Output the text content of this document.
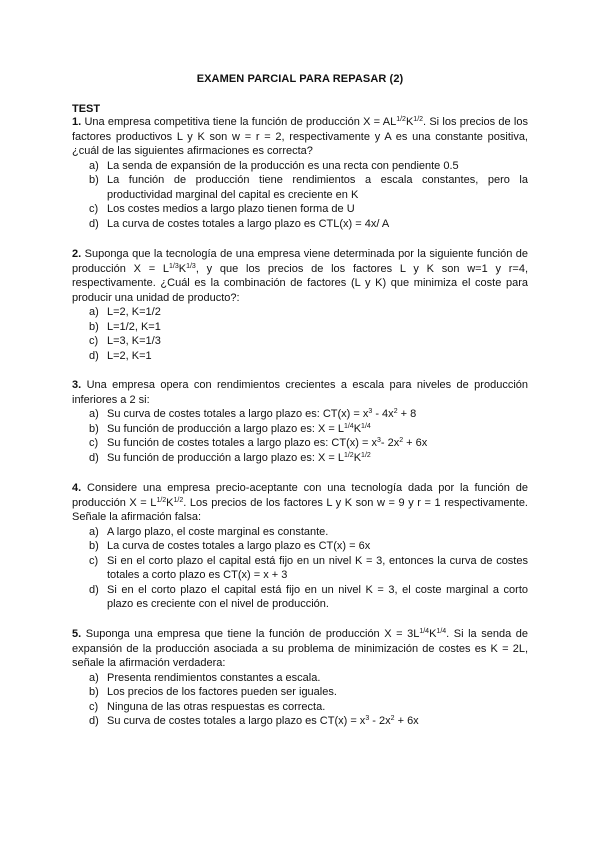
EXAMEN PARCIAL PARA REPASAR (2)
TEST

1. Una empresa competitiva tiene la función de producción $X = AL^{1/2}K^{1/2}$. Si los precios de los factores productivos L y K son w = r = 2, respectivamente y A es una constante positiva, ¿cuál de las siguientes afirmaciones es correcta?

a) La senda de expansión de la producción es una recta con pendiente 0.5
b) La función de producción tiene rendimientos a escala constantes, pero la productividad marginal del capital es creciente en K
c) Los costes medios a largo plazo tienen forma de U
d) La curva de costes totales a largo plazo es CTL(x) = 4x/ A

2. Suponga que la tecnología de una empresa viene determinada por la siguiente función de producción $X = L^{1/3}K^{1/3}$, y que los precios de los factores L y K son w=1 y r=4, respectivamente. ¿Cuál es la combinación de factores (L y K) que minimiza el coste para producir una unidad de producto?:

a) L=2, K=1/2
b) L=1/2, K=1
c) L=3, K=1/3
d) L=2, K=1

3. Una empresa opera con rendimientos crecientes a escala para niveles de producción inferiores a 2 si:

a) Su curva de costes totales a largo plazo es: $CT(x) = x^3 - 4x^2 + 8$
b) Su función de producción a largo plazo es: $X = L^{1/4}K^{1/4}$
c) Su función de costes totales a largo plazo es: $CT(x) = x^3-$ $2x^2 + 6x$
d) Su función de producción a largo plazo es: $X = L^{1/2}K^{1/2}$

4. Considere una empresa precio-aceptante con una tecnología dada por la función de producción $X = L^{1/2}K^{1/2}$. Los precios de los factores L y K son w = 9 y r = 1 respectivamente. Señale la afirmación falsa:

a) A largo plazo, el coste marginal es constante.
b) La curva de costes totales a largo plazo es CT(x) = 6x
c) Si en el corto plazo el capital está fijo en un nivel K = 3, entonces la curva de costes totales a corto plazo es CT(x) = x + 3
d) Si en el corto plazo el capital está fijo en un nivel K = 3, el coste marginal a corto plazo es creciente con el nivel de producción.

5. Suponga una empresa que tiene la función de producción $X = 3L^{1/4}K^{1/4}$. Si la senda de expansión de la producción asociada a su problema de minimización de costes es K = 2L, señale la afirmación verdadera:

a) Presenta rendimientos constantes a escala.
b) Los precios de los factores pueden ser iguales.
c) Ninguna de las otras respuestas es correcta.
d) Su curva de costes totales a largo plazo es $CT(x) = x^3 - 2x^2 + 6x$
